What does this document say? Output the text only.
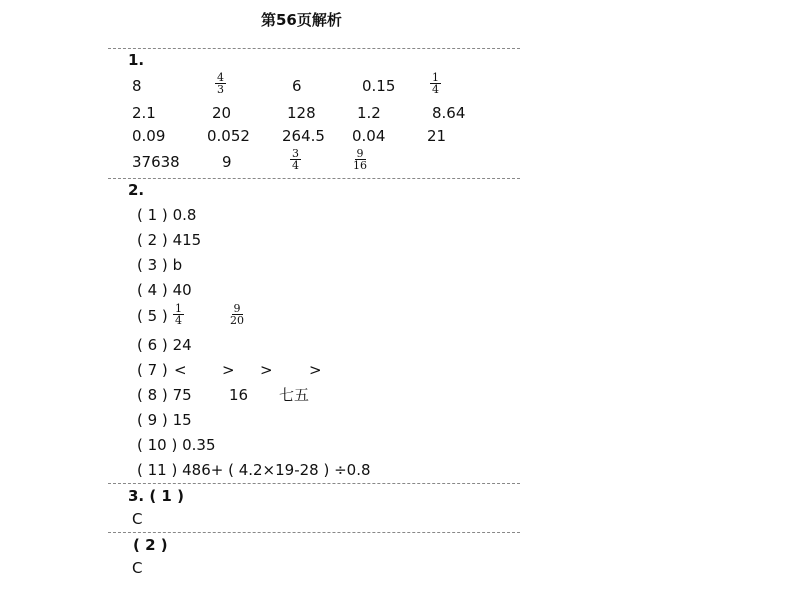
第56页解析
1.
8	$\frac{4}{3}$	6	0.15	$\frac{1}{4}$
2.1	20	128	1.2	8.64
0.09	0.052 264.5 0.04	21
37638	9	$\frac{3}{4}$	$\frac{9}{16}$
2.
( 1 ) 0.8
( 2 ) 415
( 3 ) b
( 4 ) 40
( 5 ) $\frac{1}{4}$	$\frac{9}{20}$
( 6 ) 24
( 7 ) < > > >
( 8 ) 75 16 七五
( 9 ) 15
( 10 ) 0.35
( 11 ) 486+ ( 4.2×19-28 ) ÷0.8
3. ( 1 )
C
( 2 )
C
